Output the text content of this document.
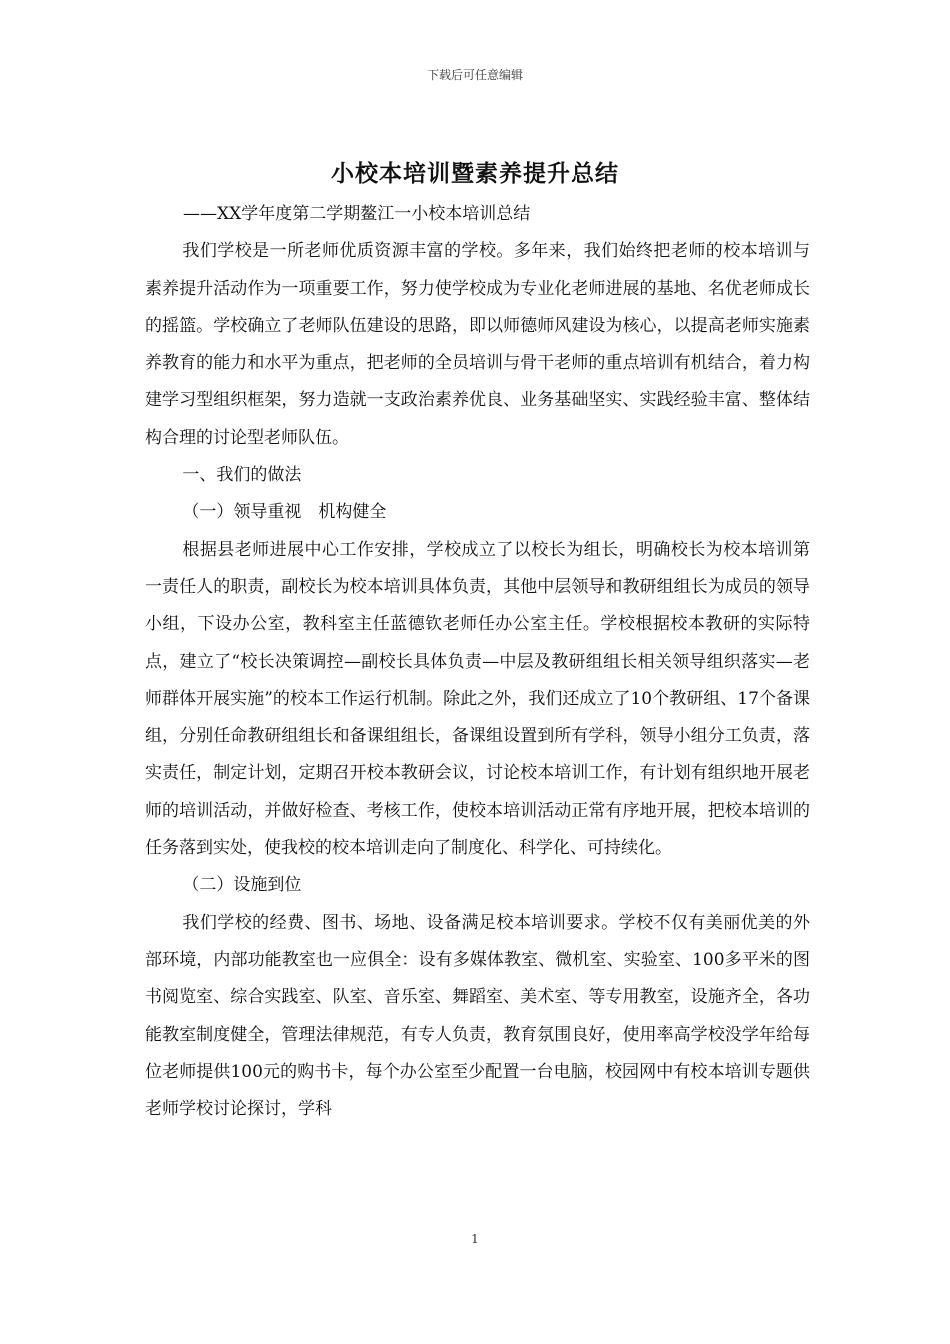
下载后可任意编辑
小校本培训暨素养提升总结

——XX学年度第二学期鳌江一小校本培训总结

我们学校是一所老师优质资源丰富的学校。多年来，我们始终把老师的校本培训与素养提升活动作为一项重要工作，努力使学校成为专业化老师进展的基地、名优老师成长的摇篮。学校确立了老师队伍建设的思路，即以师德师风建设为核心，以提高老师实施素养教育的能力和水平为重点，把老师的全员培训与骨干老师的重点培训有机结合，着力构建学习型组织框架，努力造就一支政治素养优良、业务基础坚实、实践经验丰富、整体结构合理的讨论型老师队伍。

一、我们的做法

（一）领导重视　机构健全

根据县老师进展中心工作安排，学校成立了以校长为组长，明确校长为校本培训第一责任人的职责，副校长为校本培训具体负责，其他中层领导和教研组组长为成员的领导小组，下设办公室，教科室主任蓝德钦老师任办公室主任。学校根据校本教研的实际特点，建立了“校长决策调控—副校长具体负责—中层及教研组组长相关领导组织落实—老师群体开展实施”的校本工作运行机制。除此之外，我们还成立了10个教研组、17个备课组，分别任命教研组组长和备课组组长，备课组设置到所有学科，领导小组分工负责，落实责任，制定计划，定期召开校本教研会议，讨论校本培训工作，有计划有组织地开展老师的培训活动，并做好检查、考核工作，使校本培训活动正常有序地开展，把校本培训的任务落到实处，使我校的校本培训走向了制度化、科学化、可持续化。

（二）设施到位

我们学校的经费、图书、场地、设备满足校本培训要求。学校不仅有美丽优美的外部环境，内部功能教室也一应俱全：设有多媒体教室、微机室、实验室、100多平米的图书阅览室、综合实践室、队室、音乐室、舞蹈室、美术室、等专用教室，设施齐全，各功能教室制度健全，管理法律规范，有专人负责，教育氛围良好，使用率高学校没学年给每位老师提供100元的购书卡，每个办公室至少配置一台电脑，校园网中有校本培训专题供老师学校讨论探讨，学科

1
